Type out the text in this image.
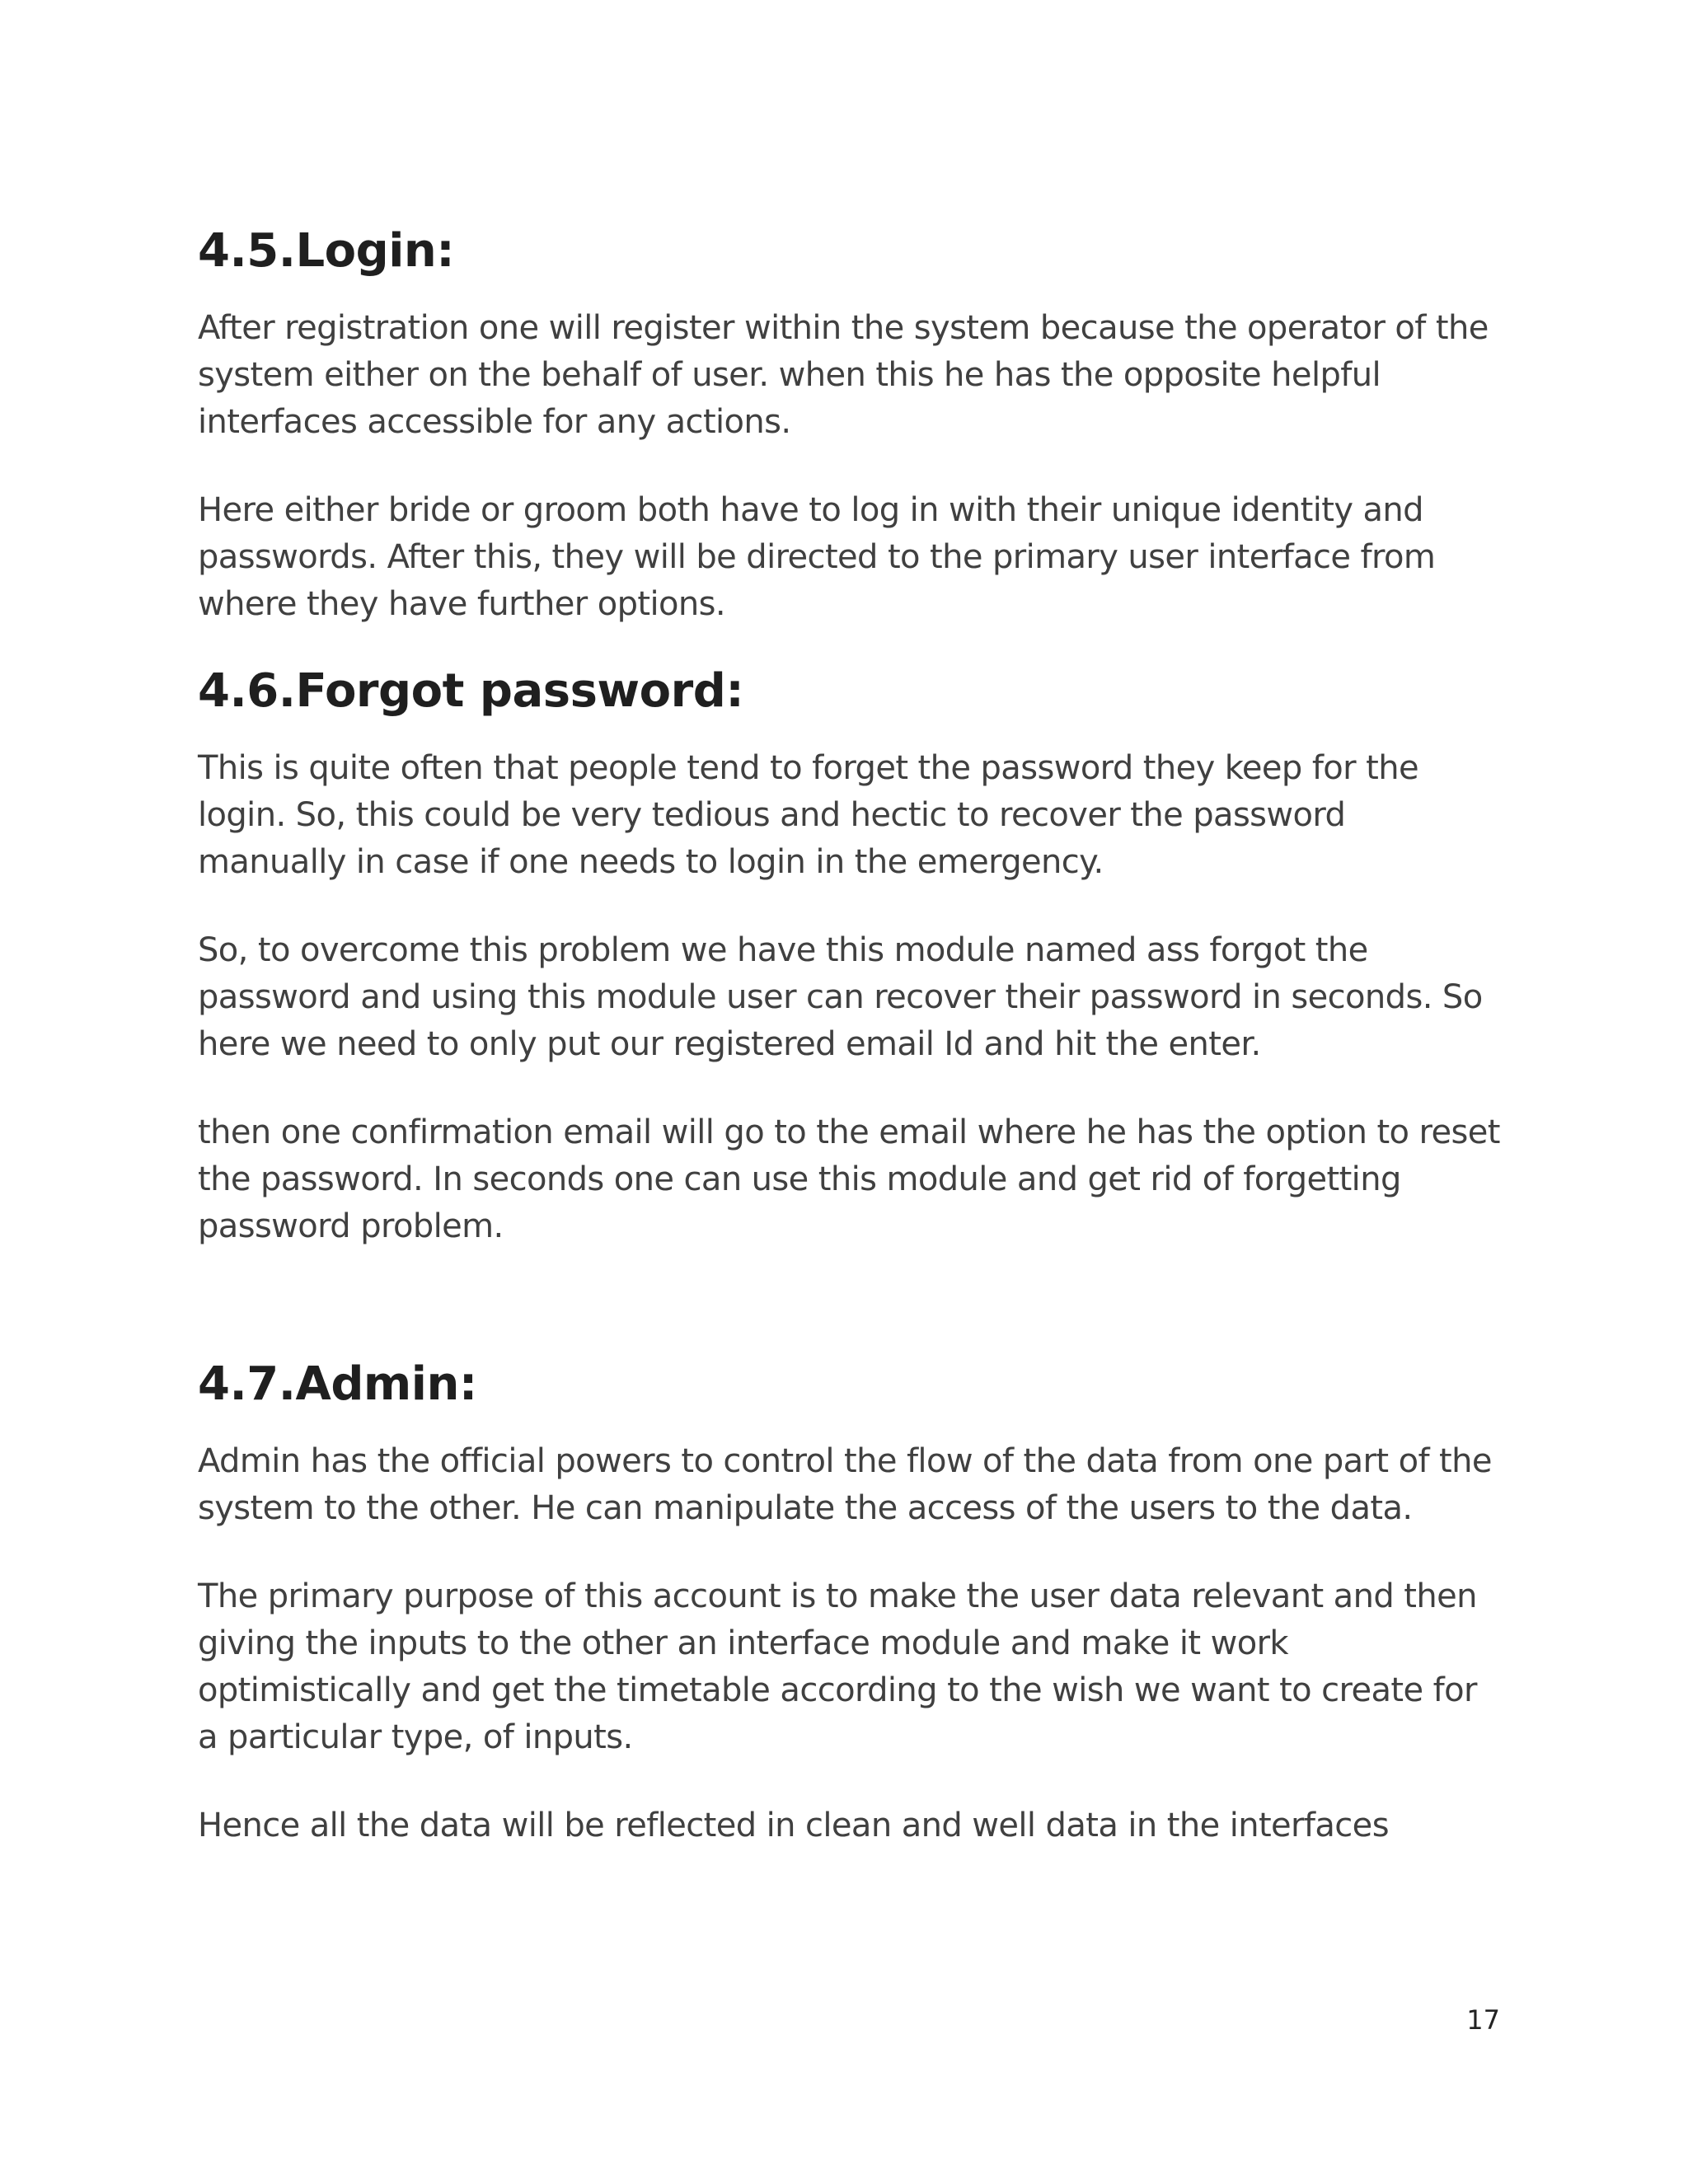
4.5.Login:

After registration one will register within the system because the operator of the system either on the behalf of user. when this he has the opposite helpful interfaces accessible for any actions.

Here either bride or groom both have to log in with their unique identity and passwords. After this, they will be directed to the primary user interface from where they have further options.

4.6.Forgot password:

This is quite often that people tend to forget the password they keep for the login. So, this could be very tedious and hectic to recover the password manually in case if one needs to login in the emergency.

So, to overcome this problem we have this module named ass forgot the password and using this module user can recover their password in seconds. So here we need to only put our registered email Id and hit the enter.

then one confirmation email will go to the email where he has the option to reset the password. In seconds one can use this module and get rid of forgetting password problem.

4.7.Admin:

Admin has the official powers to control the flow of the data from one part of the system to the other. He can manipulate the access of the users to the data.

The primary purpose of this account is to make the user data relevant and then giving the inputs to the other an interface module and make it work optimistically and get the timetable according to the wish we want to create for a particular type, of inputs.

Hence all the data will be reflected in clean and well data in the interfaces

17
